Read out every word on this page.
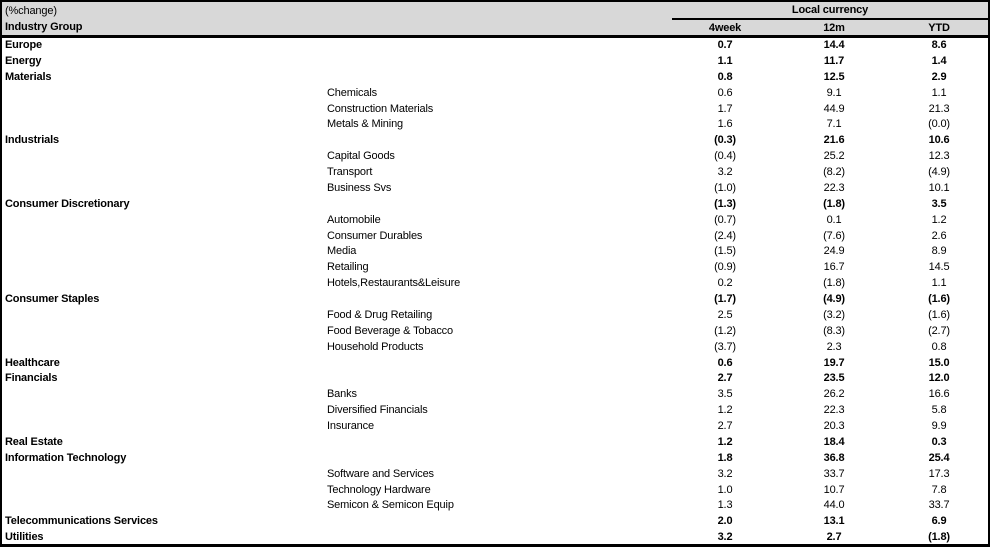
(%change)		Local currency		
Industry Group		4week	12m	YTD
Europe		0.7	14.4	8.6
Energy		1.1	11.7	1.4
Materials		0.8	12.5	2.9
	Chemicals	0.6	9.1	1.1
	Construction Materials	1.7	44.9	21.3
	Metals & Mining	1.6	7.1	(0.0)
Industrials		(0.3)	21.6	10.6
	Capital Goods	(0.4)	25.2	12.3
	Transport	3.2	(8.2)	(4.9)
	Business Svs	(1.0)	22.3	10.1
Consumer Discretionary		(1.3)	(1.8)	3.5
	Automobile	(0.7)	0.1	1.2
	Consumer Durables	(2.4)	(7.6)	2.6
	Media	(1.5)	24.9	8.9
	Retailing	(0.9)	16.7	14.5
	Hotels,Restaurants&Leisure	0.2	(1.8)	1.1
Consumer Staples		(1.7)	(4.9)	(1.6)
	Food & Drug Retailing	2.5	(3.2)	(1.6)
	Food Beverage & Tobacco	(1.2)	(8.3)	(2.7)
	Household Products	(3.7)	2.3	0.8
Healthcare		0.6	19.7	15.0
Financials		2.7	23.5	12.0
	Banks	3.5	26.2	16.6
	Diversified Financials	1.2	22.3	5.8
	Insurance	2.7	20.3	9.9
Real Estate		1.2	18.4	0.3
Information Technology		1.8	36.8	25.4
	Software and Services	3.2	33.7	17.3
	Technology Hardware	1.0	10.7	7.8
	Semicon & Semicon Equip	1.3	44.0	33.7
Telecommunications Services		2.0	13.1	6.9
Utilities		3.2	2.7	(1.8)
